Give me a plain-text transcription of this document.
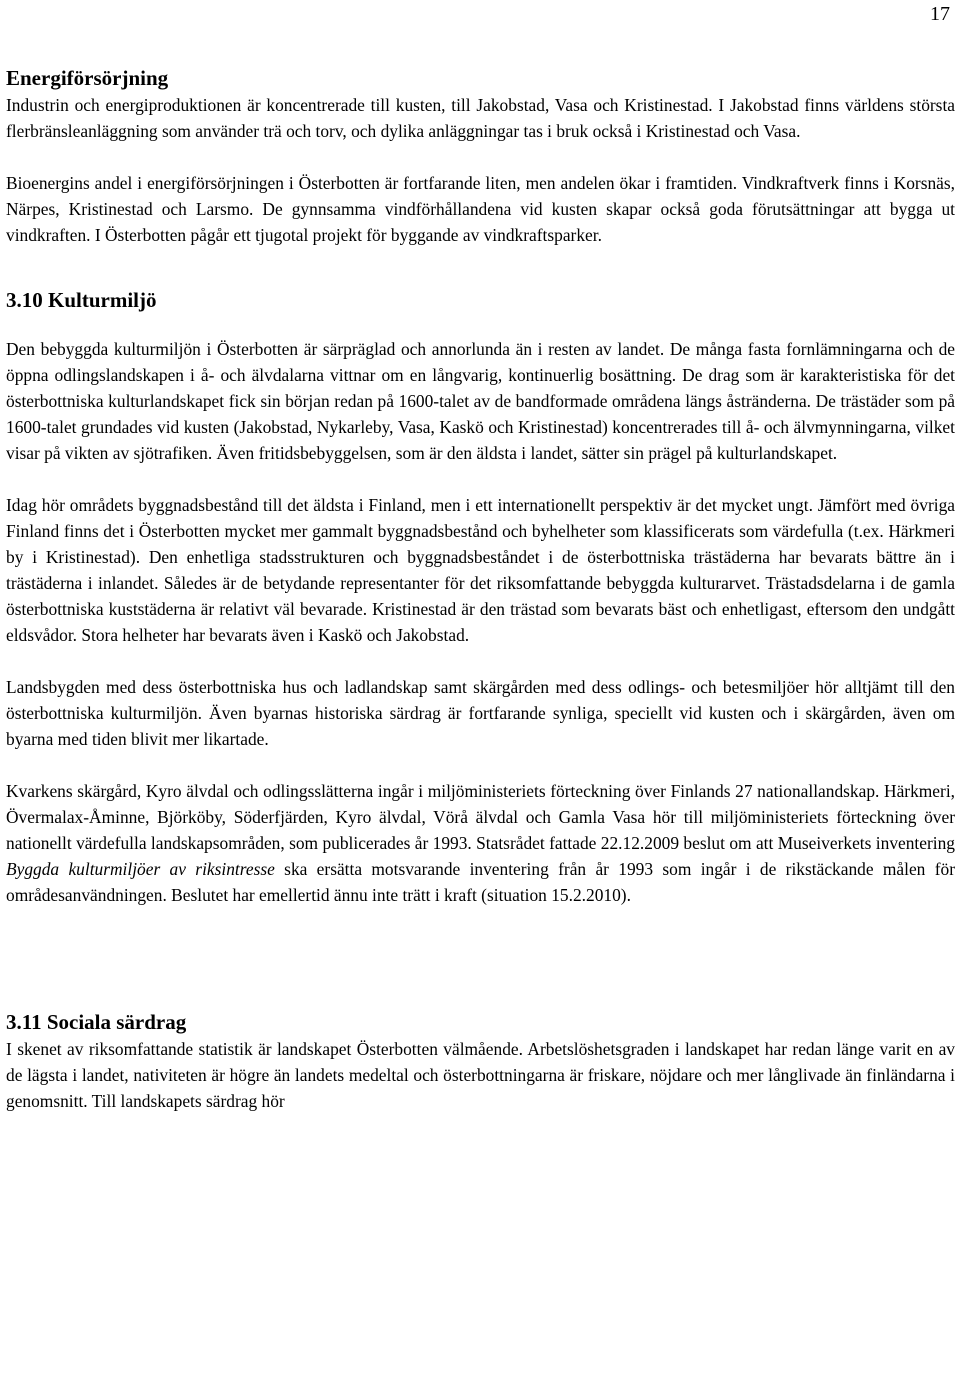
17
Energiförsörjning

Industrin och energiproduktionen är koncentrerade till kusten, till Jakobstad, Vasa och Kristinestad. I Jakobstad finns världens största flerbränsleanläggning som använder trä och torv, och dylika anläggningar tas i bruk också i Kristinestad och Vasa.

Bioenergins andel i energiförsörjningen i Österbotten är fortfarande liten, men andelen ökar i framtiden. Vindkraftverk finns i Korsnäs, Närpes, Kristinestad och Larsmo. De gynnsamma vindförhållandena vid kusten skapar också goda förutsättningar att bygga ut vindkraften. I Österbotten pågår ett tjugotal projekt för byggande av vindkraftsparker.

3.10 Kulturmiljö

Den bebyggda kulturmiljön i Österbotten är särpräglad och annorlunda än i resten av landet. De många fasta fornlämningarna och de öppna odlingslandskapen i å- och älvdalarna vittnar om en långvarig, kontinuerlig bosättning. De drag som är karakteristiska för det österbottniska kulturlandskapet fick sin början redan på 1600-talet av de bandformade områdena längs åstränderna. De trästäder som på 1600-talet grundades vid kusten (Jakobstad, Nykarleby, Vasa, Kaskö och Kristinestad) koncentrerades till å- och älvmynningarna, vilket visar på vikten av sjötrafiken. Även fritidsbebyggelsen, som är den äldsta i landet, sätter sin prägel på kulturlandskapet.

Idag hör områdets byggnadsbestånd till det äldsta i Finland, men i ett internationellt perspektiv är det mycket ungt. Jämfört med övriga Finland finns det i Österbotten mycket mer gammalt byggnadsbestånd och byhelheter som klassificerats som värdefulla (t.ex. Härkmeri by i Kristinestad). Den enhetliga stadsstrukturen och byggnadsbeståndet i de österbottniska trästäderna har bevarats bättre än i trästäderna i inlandet. Således är de betydande representanter för det riksomfattande bebyggda kulturarvet. Trästadsdelarna i de gamla österbottniska kuststäderna är relativt väl bevarade. Kristinestad är den trästad som bevarats bäst och enhetligast, eftersom den undgått eldsvådor. Stora helheter har bevarats även i Kaskö och Jakobstad.

Landsbygden med dess österbottniska hus och ladlandskap samt skärgården med dess odlings- och betesmiljöer hör alltjämt till den österbottniska kulturmiljön. Även byarnas historiska särdrag är fortfarande synliga, speciellt vid kusten och i skärgården, även om byarna med tiden blivit mer likartade.

Kvarkens skärgård, Kyro älvdal och odlingsslätterna ingår i miljöministeriets förteckning över Finlands 27 nationallandskap. Härkmeri, Övermalax-Åminne, Björköby, Söderfjärden, Kyro älvdal, Vörå älvdal och Gamla Vasa hör till miljöministeriets förteckning över nationellt värdefulla landskapsområden, som publicerades år 1993. Statsrådet fattade 22.12.2009 beslut om att Museiverkets inventering Byggda kulturmiljöer av riksintresse ska ersätta motsvarande inventering från år 1993 som ingår i de rikstäckande målen för områdesanvändningen. Beslutet har emellertid ännu inte trätt i kraft (situation 15.2.2010).

3.11 Sociala särdrag

I skenet av riksomfattande statistik är landskapet Österbotten välmående. Arbetslöshetsgraden i landskapet har redan länge varit en av de lägsta i landet, nativiteten är högre än landets medeltal och österbottningarna är friskare, nöjdare och mer långlivade än finländarna i genomsnitt. Till landskapets särdrag hör
